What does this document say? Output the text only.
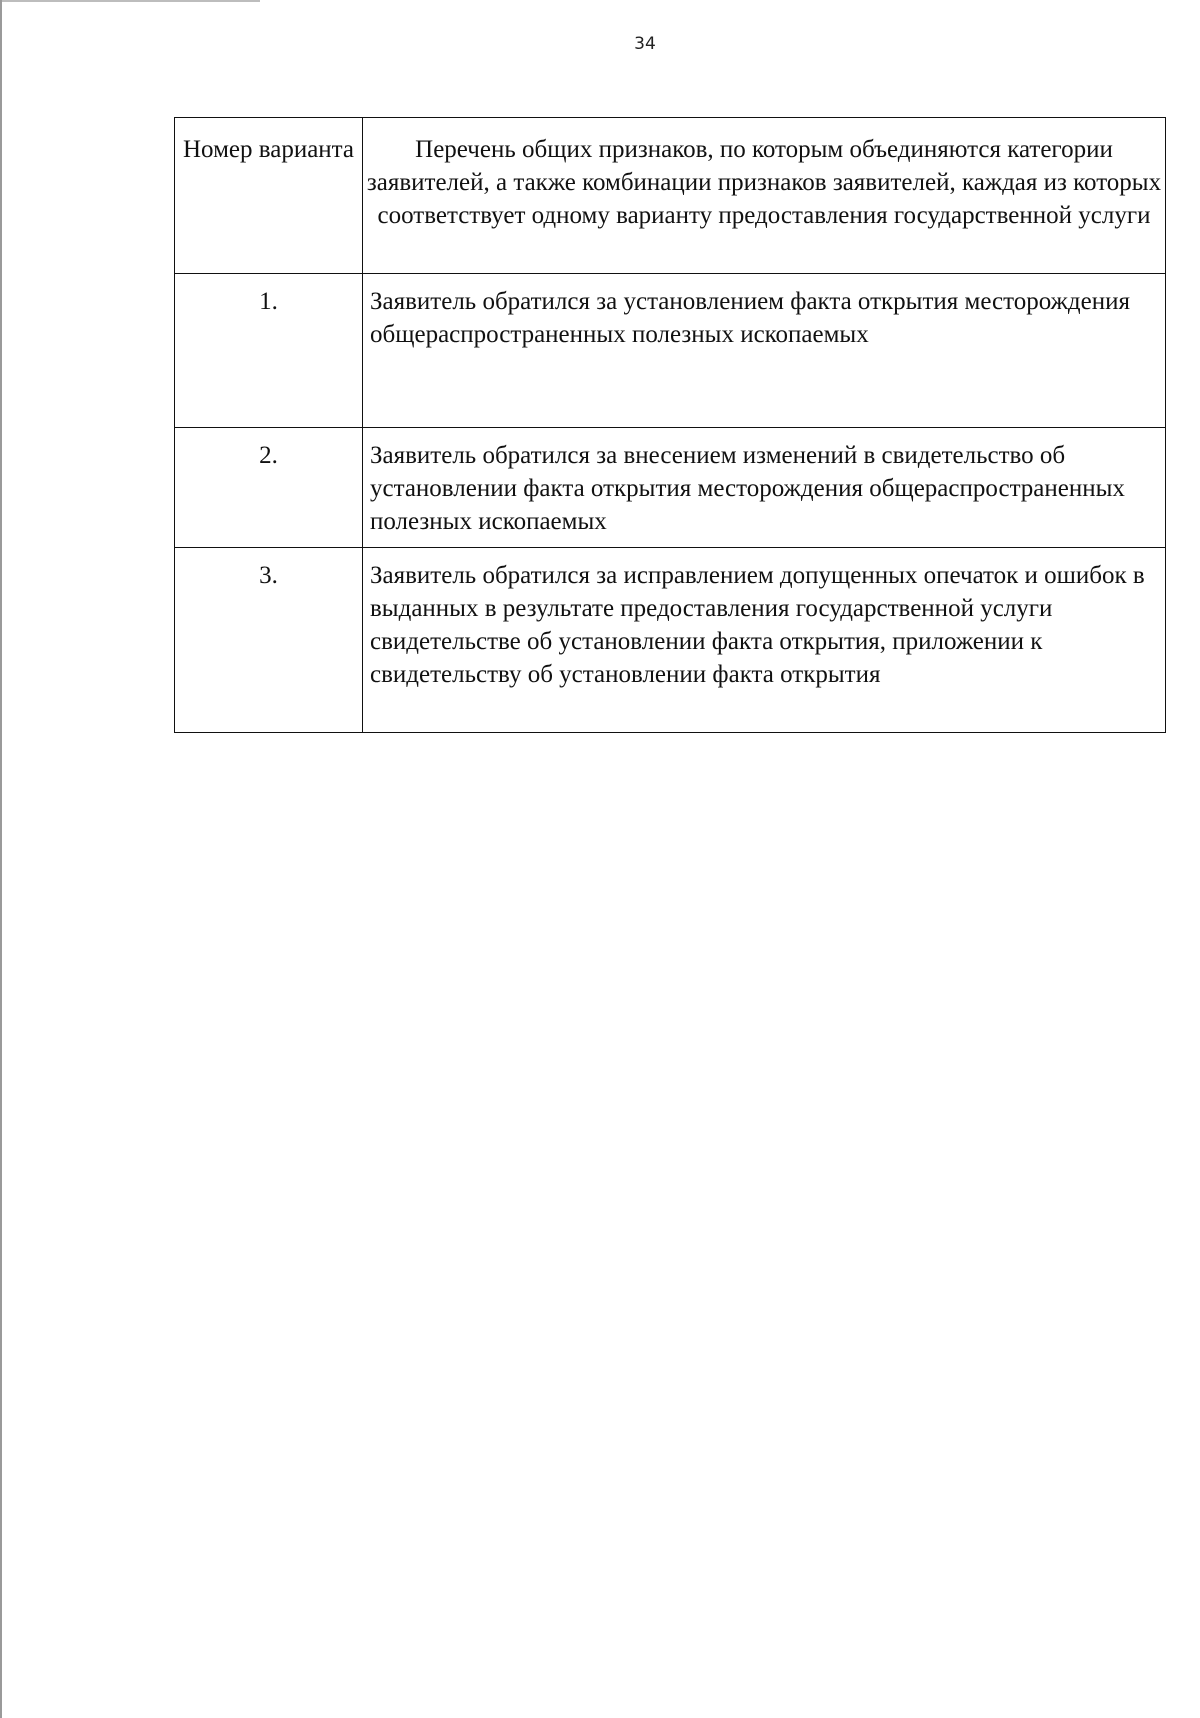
34
Номер варианта	Перечень общих признаков, по которым объединяются категории заявителей, а также комбинации признаков заявителей, каждая из которых соответствует одному варианту предоставления государственной услуги

1.	Заявитель обратился за установлением факта открытия месторождения общераспространенных полезных ископаемых

2.	Заявитель обратился за внесением изменений в свидетельство об установлении факта открытия месторождения общераспространенных полезных ископаемых

3.	Заявитель обратился за исправлением допущенных опечаток и ошибок в выданных в результате предоставления государственной услуги свидетельстве об установлении факта открытия, приложении к свидетельству об установлении факта открытия
